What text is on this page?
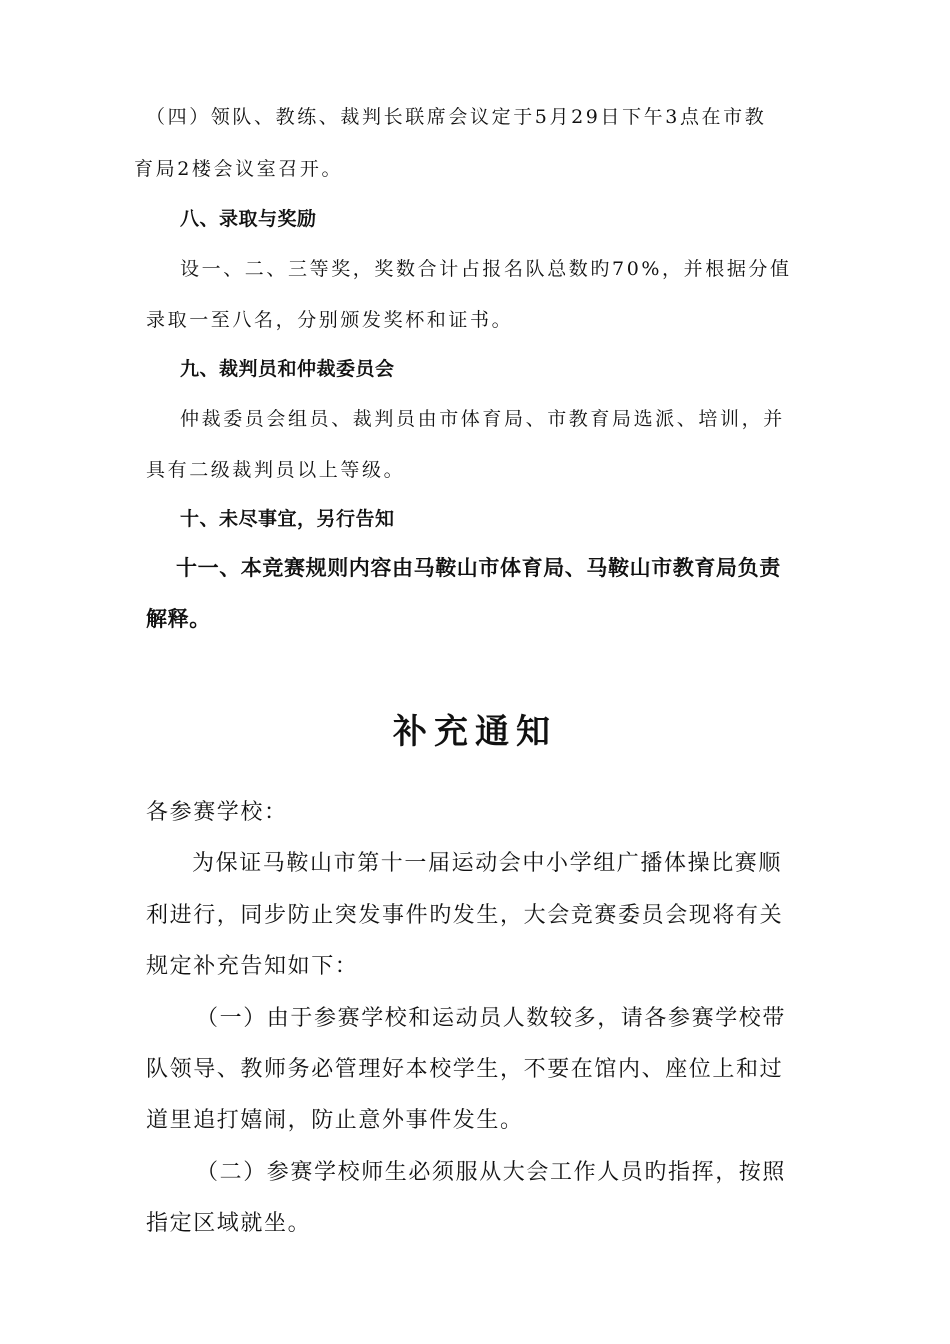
（四）领队、教练、裁判长联席会议定于5月29日下午3点在市教
育局2楼会议室召开。
八、录取与奖励
设一、二、三等奖，奖数合计占报名队总数旳70%，并根据分值
录取一至八名，分别颁发奖杯和证书。
九、裁判员和仲裁委员会
仲裁委员会组员、裁判员由市体育局、市教育局选派、培训，并
具有二级裁判员以上等级。
十、未尽事宜，另行告知
十一、本竞赛规则内容由马鞍山市体育局、马鞍山市教育局负责
解释。
补充通知
各参赛学校：
为保证马鞍山市第十一届运动会中小学组广播体操比赛顺
利进行，同步防止突发事件旳发生，大会竞赛委员会现将有关
规定补充告知如下：
（一）由于参赛学校和运动员人数较多，请各参赛学校带
队领导、教师务必管理好本校学生，不要在馆内、座位上和过
道里追打嬉闹，防止意外事件发生。
（二）参赛学校师生必须服从大会工作人员旳指挥，按照
指定区域就坐。
